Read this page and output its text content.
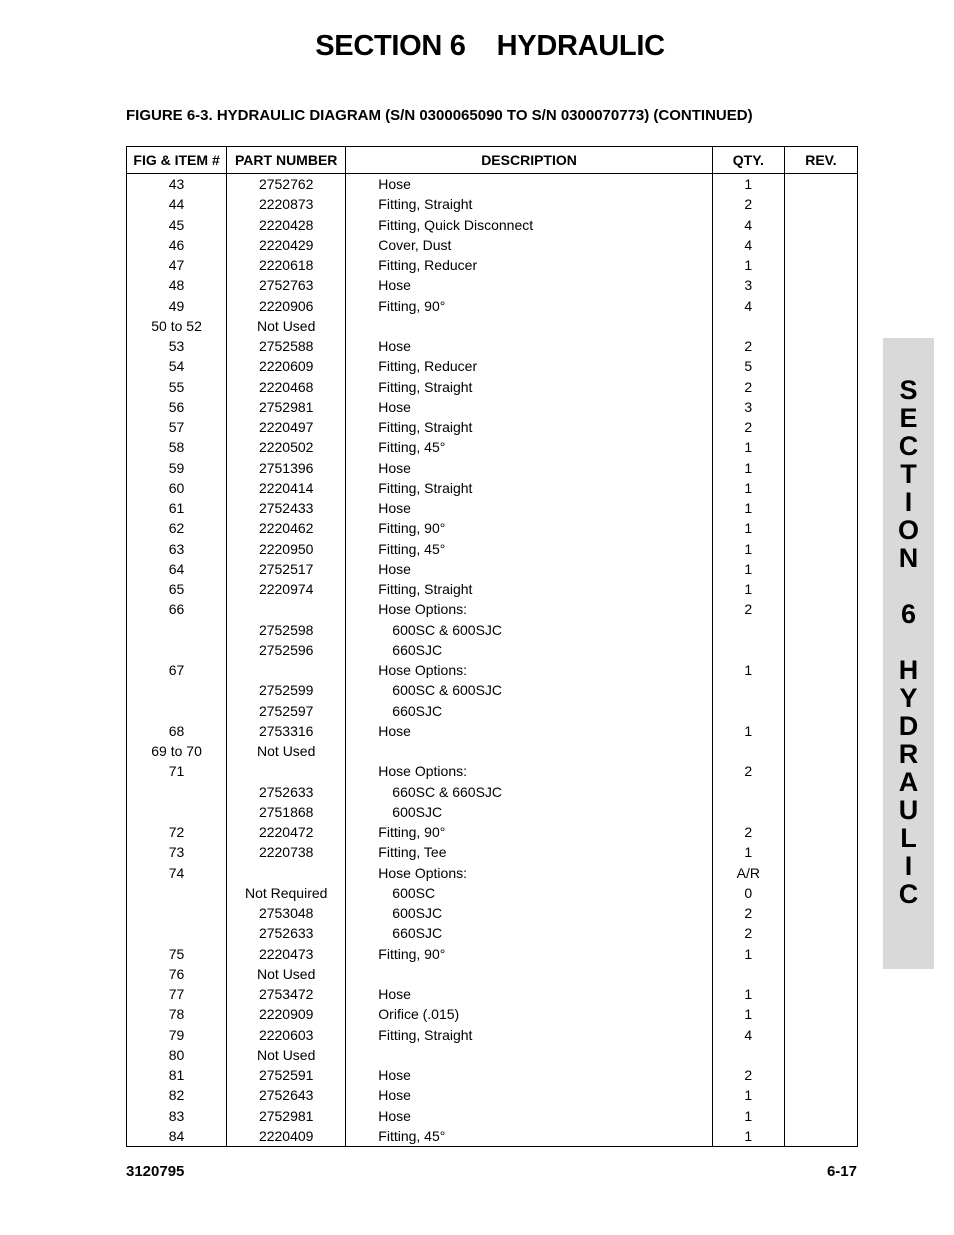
SECTION 6    HYDRAULIC
FIGURE 6-3. HYDRAULIC DIAGRAM (S/N 0300065090 TO S/N 0300070773) (CONTINUED)
FIG & ITEM #	PART NUMBER	DESCRIPTION	QTY.	REV.
43	2752762	Hose	1	
44	2220873	Fitting, Straight	2	
45	2220428	Fitting, Quick Disconnect	4	
46	2220429	Cover, Dust	4	
47	2220618	Fitting, Reducer	1	
48	2752763	Hose	3	
49	2220906	Fitting, 90°	4	
50 to 52	Not Used			
53	2752588	Hose	2	
54	2220609	Fitting, Reducer	5	
55	2220468	Fitting, Straight	2	
56	2752981	Hose	3	
57	2220497	Fitting, Straight	2	
58	2220502	Fitting, 45°	1	
59	2751396	Hose	1	
60	2220414	Fitting, Straight	1	
61	2752433	Hose	1	
62	2220462	Fitting, 90°	1	
63	2220950	Fitting, 45°	1	
64	2752517	Hose	1	
65	2220974	Fitting, Straight	1	
66		Hose Options:	2	
	2752598	600SC & 600SJC		
	2752596	660SJC		
67		Hose Options:	1	
	2752599	600SC & 600SJC		
	2752597	660SJC		
68	2753316	Hose	1	
69 to 70	Not Used			
71		Hose Options:	2	
	2752633	660SC & 660SJC		
	2751868	600SJC		
72	2220472	Fitting, 90°	2	
73	2220738	Fitting, Tee	1	
74		Hose Options:	A/R	
	Not Required	600SC	0	
	2753048	600SJC	2	
	2752633	660SJC	2	
75	2220473	Fitting, 90°	1	
76	Not Used			
77	2753472	Hose	1	
78	2220909	Orifice (.015)	1	
79	2220603	Fitting, Straight	4	
80	Not Used			
81	2752591	Hose	2	
82	2752643	Hose	1	
83	2752981	Hose	1	
84	2220409	Fitting, 45°	1	
S
E
C
T
I
O
N
6
H
Y
D
R
A
U
L
I
C
3120795	6-17
